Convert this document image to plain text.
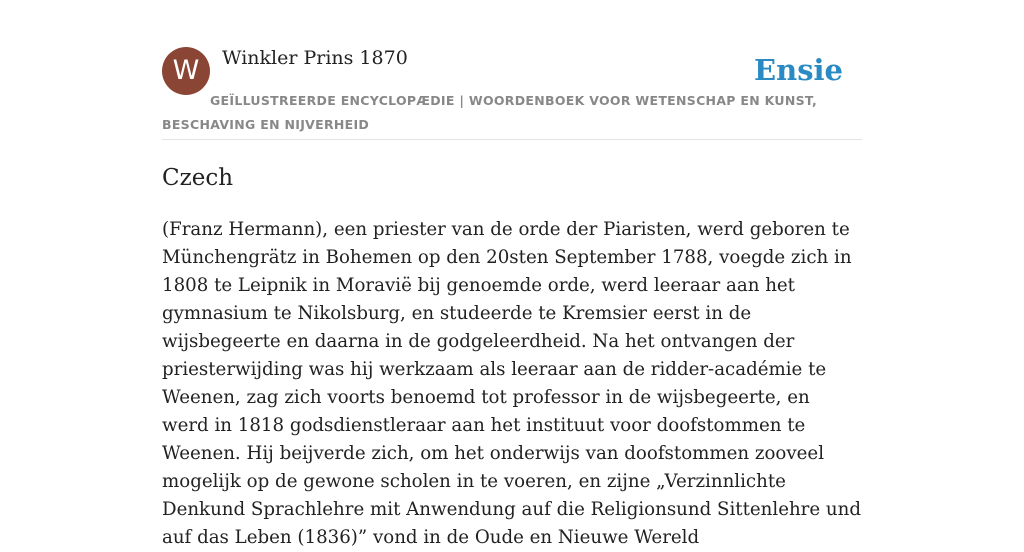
W	Winkler Prins 1870	Ensie

GEÏLLUSTREERDE ENCYCLOPÆDIE | WOORDENBOEK VOOR WETENSCHAP EN KUNST, BESCHAVING EN NIJVERHEID

Czech

(Franz Hermann), een priester van de orde der Piaristen, werd geboren te Münchengrätz in Bohemen op den 20sten September 1788, voegde zich in 1808 te Leipnik in Moravië bij genoemde orde, werd leeraar aan het gymnasium te Nikolsburg, en studeerde te Kremsier eerst in de wijsbegeerte en daarna in de godgeleerdheid. Na het ontvangen der priesterwijding was hij werkzaam als leeraar aan de ridder-académie te Weenen, zag zich voorts benoemd tot professor in de wijsbegeerte, en werd in 1818 godsdienstleraar aan het instituut voor doofstommen te Weenen. Hij beijverde zich, om het onderwijs van doofstommen zooveel mogelijk op de gewone scholen in te voeren, en zijne „Verzinnlichte Denkund Sprachlehre mit Anwendung auf die Religionsund Sittenlehre und auf das Leben (1836)” vond in de Oude en Nieuwe Wereld
